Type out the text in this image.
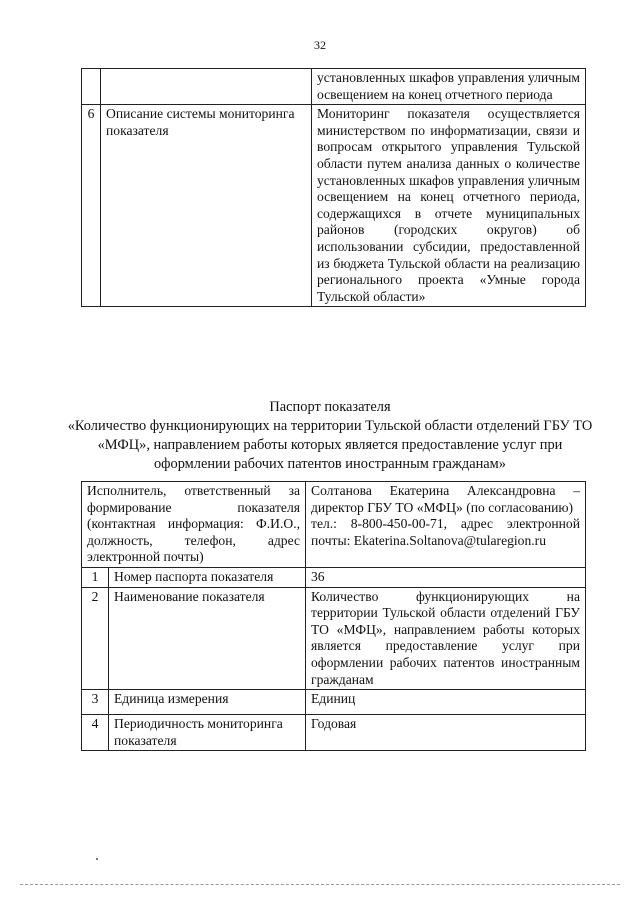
32
		установленных шкафов управления уличным освещением на конец отчетного периода
6	Описание системы мониторинга показателя	Мониторинг показателя осуществляется министерством по информатизации, связи и вопросам открытого управления Тульской области путем анализа данных о количестве установленных шкафов управления уличным освещением на конец отчетного периода, содержащихся в отчете муниципальных районов (городских округов) об использовании субсидии, предоставленной из бюджета Тульской области на реализацию регионального проекта «Умные города Тульской области»
Паспорт показателя
«Количество функционирующих на территории Тульской области отделений ГБУ ТО «МФЦ», направлением работы которых является предоставление услуг при оформлении рабочих патентов иностранным гражданам»
Исполнитель, ответственный за формирование показателя (контактная информация: Ф.И.О., должность, телефон, адрес электронной почты)		Солтанова Екатерина Александровна – директор ГБУ ТО «МФЦ» (по согласованию)
тел.: 8-800-450-00-71, адрес электронной почты: Ekaterina.Soltanova@tularegion.ru

1	Номер паспорта показателя	36
2	Наименование показателя	Количество функционирующих на территории Тульской области отделений ГБУ ТО «МФЦ», направлением работы которых является предоставление услуг при оформлении рабочих патентов иностранным гражданам
3	Единица измерения	Единиц
4	Периодичность мониторинга показателя	Годовая
